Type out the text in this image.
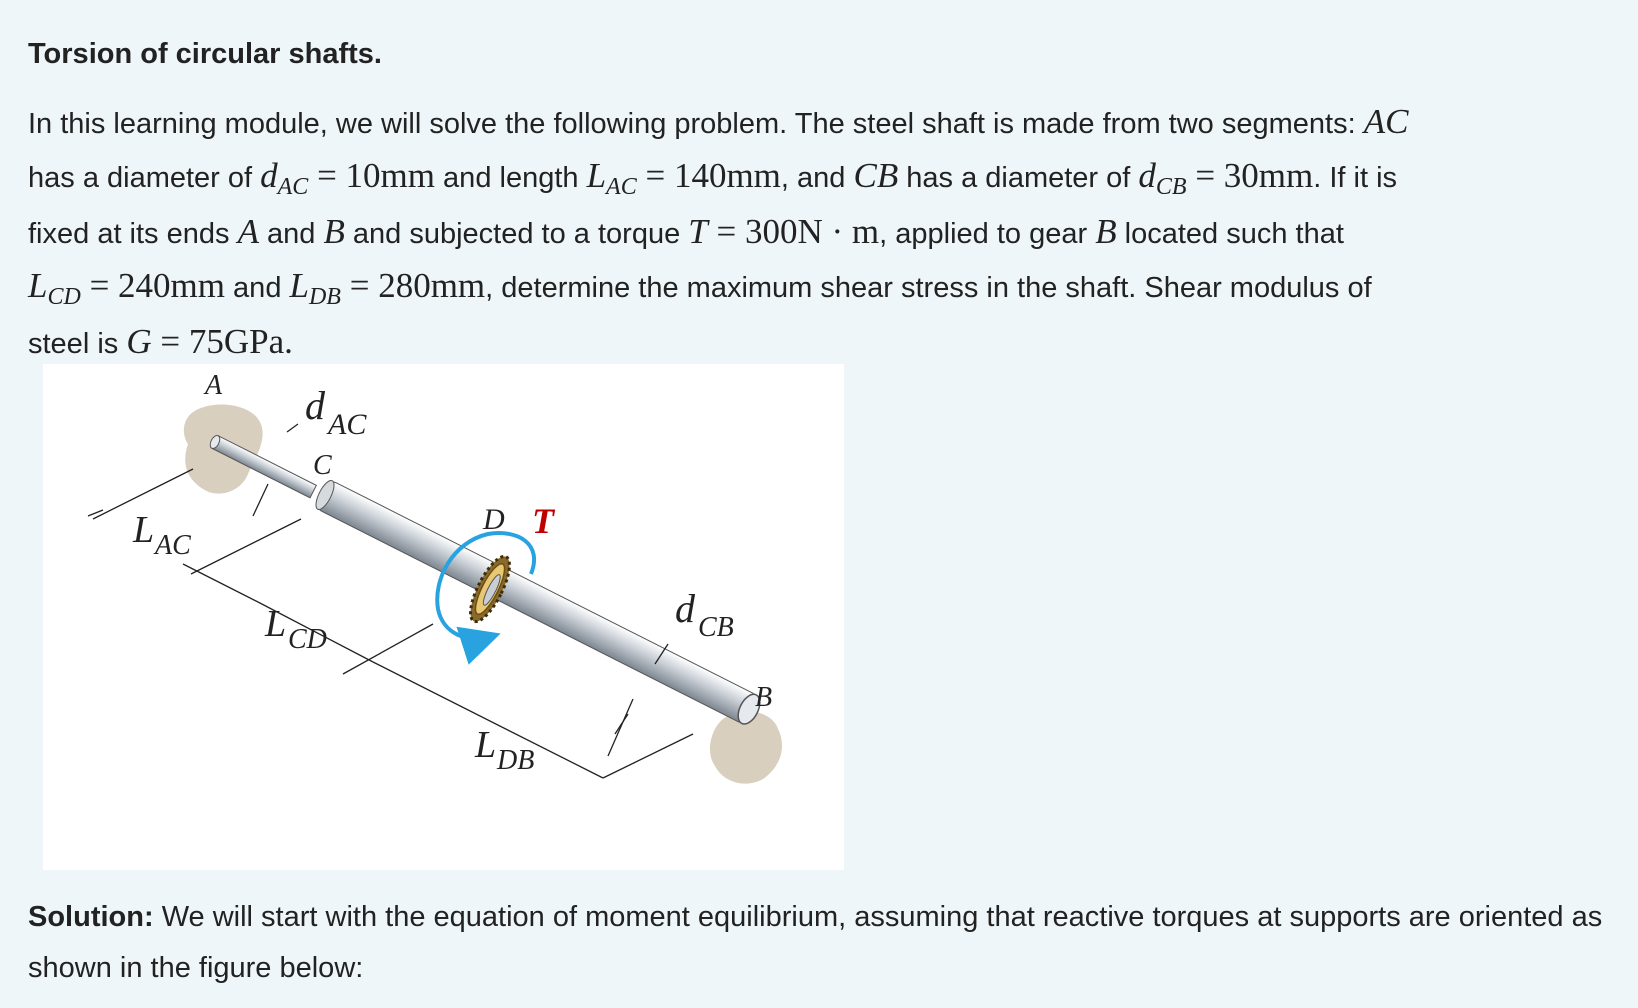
Torsion of circular shafts.
In this learning module, we will solve the following problem. The steel shaft is made from two segments: AC
has a diameter of $d_{AC} = 10mm$ and length $L_{AC} = 140mm$, and CB has a diameter of $d_{CB} = 30mm$. If it is
fixed at its ends A and B and subjected to a torque T = 300N · m, applied to gear B located such that
$L_{CD} = 240mm$ and $L_{DB} = 280mm$, determine the maximum shear stress in the shaft. Shear modulus of
steel is G = 75GPa.
A d AC
C
L AC
D T
L CD
d CB
B
L DB
Solution: We will start with the equation of moment equilibrium, assuming that reactive torques at supports are oriented as shown in the figure below:
